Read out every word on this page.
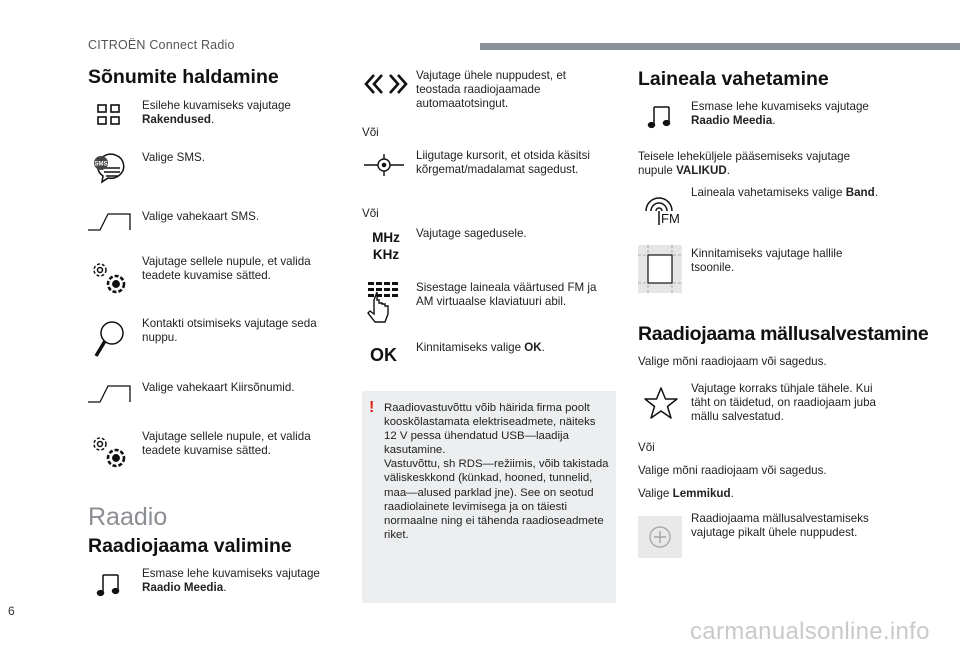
CITROËN Connect Radio
Sõnumite haldamine
Esilehe kuvamiseks vajutage
Rakendused.
SMS
Valige SMS.
Valige vahekaart SMS.
Vajutage sellele nupule, et valida teadete kuvamise sätted.
Kontakti otsimiseks vajutage seda nuppu.
Valige vahekaart Kiirsõnumid.
Vajutage sellele nupule, et valida teadete kuvamise sätted.
Raadio
Raadiojaama valimine
Esmase lehe kuvamiseks vajutage
Raadio Meedia.
Vajutage ühele nuppudest, et teostada raadiojaamade automaatotsingut.
Või
Liigutage kursorit, et otsida käsitsi kõrgemat/madalamat sagedust.
Või
MHz
KHz
Vajutage sagedusele.
Sisestage laineala väärtused FM ja AM virtuaalse klaviatuuri abil.
OK Kinnitamiseks valige OK.
! Raadiovastuvõttu võib häirida firma poolt kooskõlastamata elektriseadmete, näiteks 12 V pessa ühendatud USB—laadija kasutamine.
Vastuvõttu, sh RDS—režiimis, võib takistada väliskeskkond (künkad, hooned, tunnelid, maa—alused parklad jne). See on seotud raadiolainete levimisega ja on täiesti normaalne ning ei tähenda raadioseadmete riket.
Laineala vahetamine
Esmase lehe kuvamiseks vajutage
Raadio Meedia.
Teisele leheküljele pääsemiseks vajutage nupule VALIKUD.
FM
Laineala vahetamiseks valige Band.
Kinnitamiseks vajutage hallile tsoonile.
Raadiojaama mällusalvestamine
Valige mõni raadiojaam või sagedus.
Vajutage korraks tühjale tähele. Kui täht on täidetud, on raadiojaam juba mällu salvestatud.
Või
Valige mõni raadiojaam või sagedus.
Valige Lemmikud.
Raadiojaama mällusalvestamiseks vajutage pikalt ühele nuppudest.
6
carmanualsonline.info
